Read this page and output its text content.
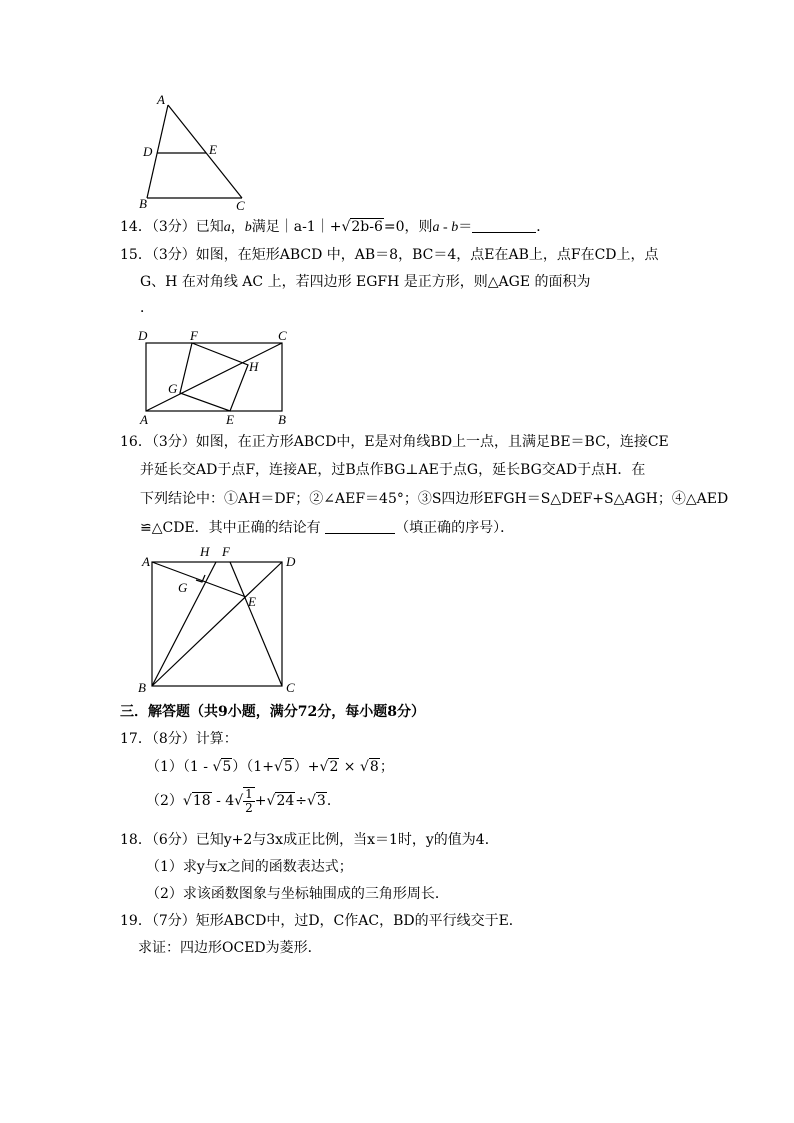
A
D	E
B	C
14．（3分）已知a，b满足｜a-1｜+√2b-6=0，则a - b＝	．
15．（3分）如图，在矩形ABCD 中，AB＝8，BC＝4，点E在AB上，点F在CD上，点
G、H 在对角线 AC 上，若四边形 EGFH 是正方形，则△AGE 的面积为
．
D	F	C
H
G
A	E	B
16．（3分）如图，在正方形ABCD中，E是对角线BD上一点，且满足BE＝BC，连接CE
并延长交AD于点F，连接AE，过B点作BG⊥AE于点G，延长BG交AD于点H．在
下列结论中：①AH＝DF；②∠AEF＝45°；③S四边形EFGH＝S△DEF+S△AGH；④△AED
≌△CDE．其中正确的结论有	（填正确的序号）．
A
H F
D
G
E
B	C
三．解答题（共9小题，满分72分，每小题8分）
17．（8分）计算：
（1）（1 - √5）（1+√5）+√2 × √8；
$(2)√18 - 4√ \frac{1}{2} +√24\div√3$．
18．（6分）已知y+2与3x成正比例，当x＝1时，y的值为4．
（1）求y与x之间的函数表达式；
（2）求该函数图象与坐标轴围成的三角形周长．
19．（7分）矩形ABCD中，过D，C作AC，BD的平行线交于E．
求证：四边形OCED为菱形．
